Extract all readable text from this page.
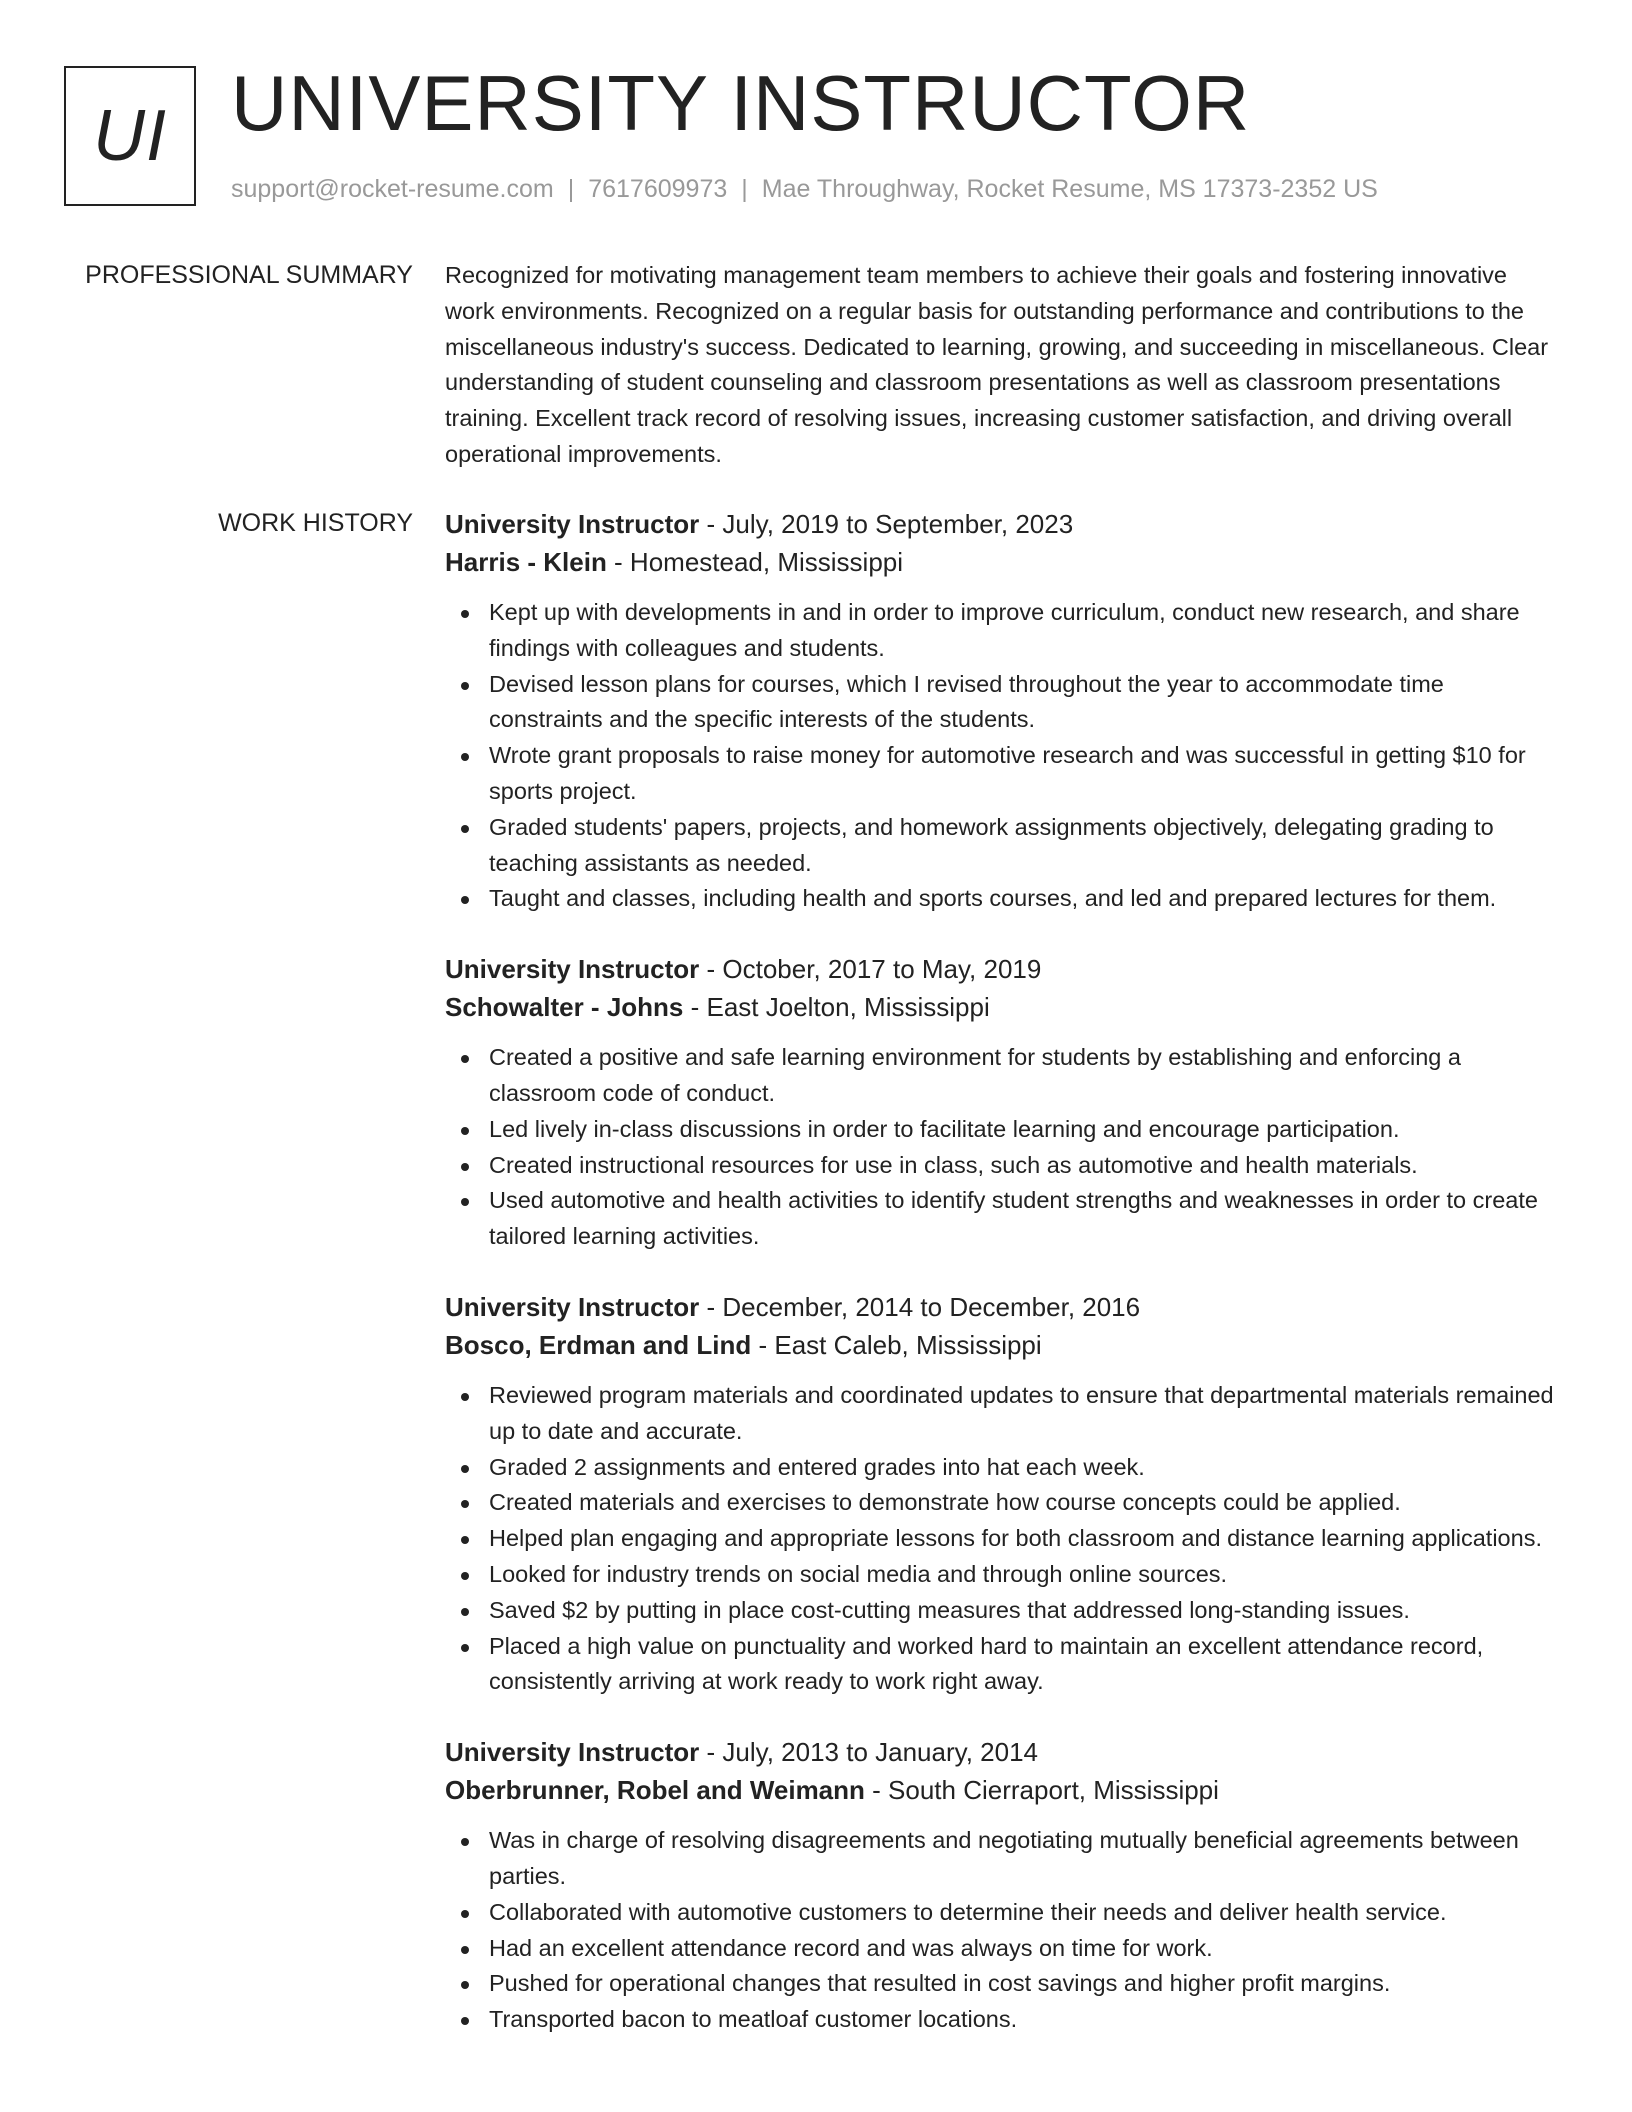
UI UNIVERSITY INSTRUCTOR
support@rocket-resume.com | 7617609973 | Mae Throughway, Rocket Resume, MS 17373-2352 US
PROFESSIONAL SUMMARY Recognized for motivating management team members to achieve their goals and fostering innovative work environments. Recognized on a regular basis for outstanding performance and contributions to the miscellaneous industry's success. Dedicated to learning, growing, and succeeding in miscellaneous. Clear understanding of student counseling and classroom presentations as well as classroom presentations training. Excellent track record of resolving issues, increasing customer satisfaction, and driving overall operational improvements.

WORK HISTORY University Instructor - July, 2019 to September, 2023
Harris - Klein - Homestead, Mississippi
Kept up with developments in and in order to improve curriculum, conduct new research, and share findings with colleagues and students.
Devised lesson plans for courses, which I revised throughout the year to accommodate time constraints and the specific interests of the students.
Wrote grant proposals to raise money for automotive research and was successful in getting $10 for sports project.
Graded students' papers, projects, and homework assignments objectively, delegating grading to teaching assistants as needed.
Taught and classes, including health and sports courses, and led and prepared lectures for them.
University Instructor - October, 2017 to May, 2019
Schowalter - Johns - East Joelton, Mississippi
Created a positive and safe learning environment for students by establishing and enforcing a classroom code of conduct.
Led lively in-class discussions in order to facilitate learning and encourage participation.
Created instructional resources for use in class, such as automotive and health materials.
Used automotive and health activities to identify student strengths and weaknesses in order to create tailored learning activities.
University Instructor - December, 2014 to December, 2016
Bosco, Erdman and Lind - East Caleb, Mississippi
Reviewed program materials and coordinated updates to ensure that departmental materials remained up to date and accurate.
Graded 2 assignments and entered grades into hat each week.
Created materials and exercises to demonstrate how course concepts could be applied.
Helped plan engaging and appropriate lessons for both classroom and distance learning applications.
Looked for industry trends on social media and through online sources.
Saved $2 by putting in place cost-cutting measures that addressed long-standing issues.
Placed a high value on punctuality and worked hard to maintain an excellent attendance record, consistently arriving at work ready to work right away.
University Instructor - July, 2013 to January, 2014
Oberbrunner, Robel and Weimann - South Cierraport, Mississippi
Was in charge of resolving disagreements and negotiating mutually beneficial agreements between parties.
Collaborated with automotive customers to determine their needs and deliver health service.
Had an excellent attendance record and was always on time for work.
Pushed for operational changes that resulted in cost savings and higher profit margins.
Transported bacon to meatloaf customer locations.
